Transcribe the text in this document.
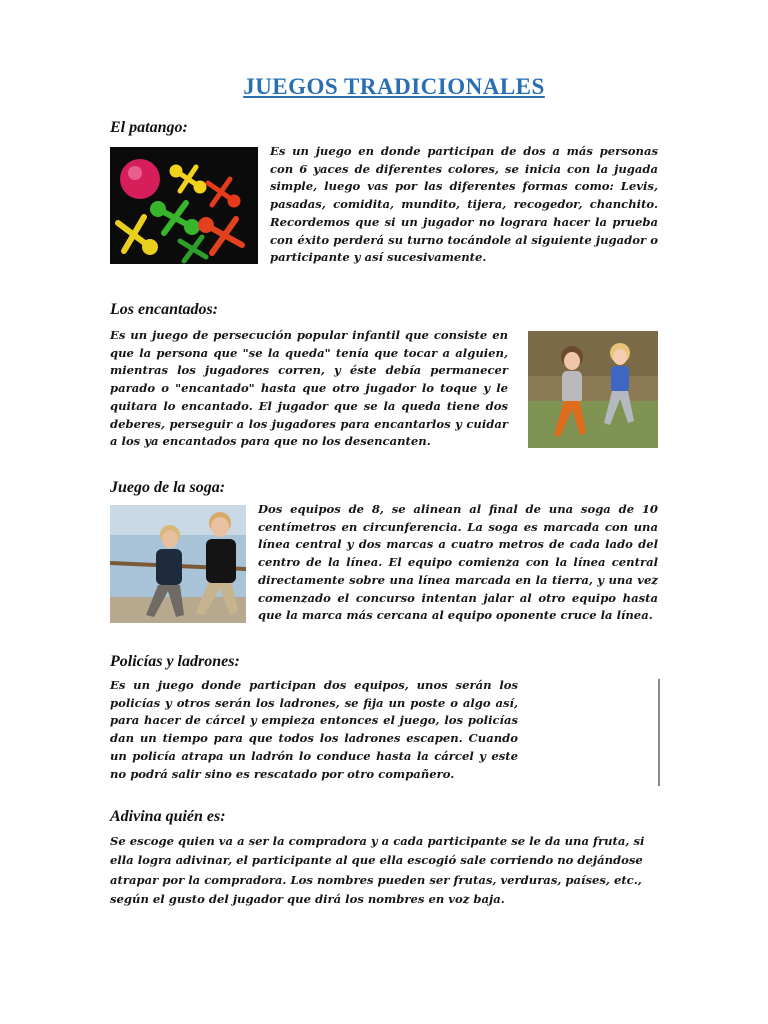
JUEGOS TRADICIONALES
El patango:
Es un juego en donde participan de dos a más personas con 6 yaces de diferentes colores, se inicia con la jugada simple, luego vas por las diferentes formas como: Levis, pasadas, comidita, mundito, tijera, recogedor, chanchito. Recordemos que si un jugador no lograra hacer la prueba con éxito perderá su turno tocándole al siguiente jugador o participante y así sucesivamente.
Los encantados:
Es un juego de persecución popular infantil que consiste en que la persona que "se la queda" tenía que tocar a alguien, mientras los jugadores corren, y éste debía permanecer parado o "encantado" hasta que otro jugador lo toque y le quitara lo encantado. El jugador que se la queda tiene dos deberes, perseguir a los jugadores para encantarlos y cuidar a los ya encantados para que no los desencanten.
Juego de la soga:
Dos equipos de 8, se alinean al final de una soga de 10 centímetros en circunferencia. La soga es marcada con una línea central y dos marcas a cuatro metros de cada lado del centro de la línea. El equipo comienza con la línea central directamente sobre una línea marcada en la tierra, y una vez comenzado el concurso intentan jalar al otro equipo hasta que la marca más cercana al equipo oponente cruce la línea.
Policías y ladrones:
Es un juego donde participan dos equipos, unos serán los policías y otros serán los ladrones, se fija un poste o algo así, para hacer de cárcel y empieza entonces el juego, los policías dan un tiempo para que todos los ladrones escapen. Cuando un policía atrapa un ladrón lo conduce hasta la cárcel y este no podrá salir sino es rescatado por otro compañero.
Adivina quién es:
Se escoge quien va a ser la compradora y a cada participante se le da una fruta, si ella logra adivinar, el participante al que ella escogió sale corriendo no dejándose atrapar por la compradora. Los nombres pueden ser frutas, verduras, países, etc., según el gusto del jugador que dirá los nombres en voz baja.
